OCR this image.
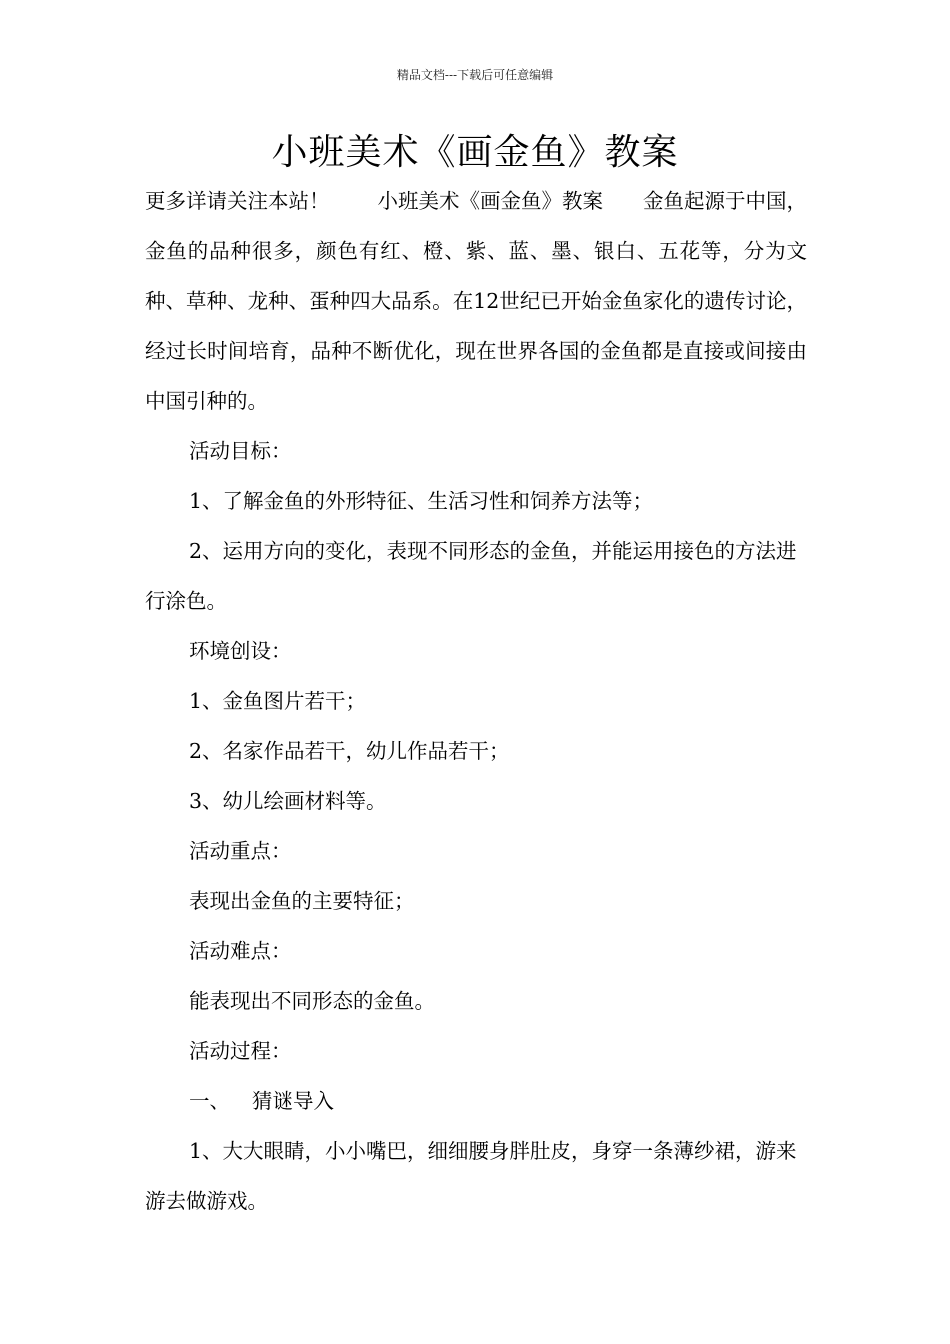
精品文档---下载后可任意编辑
小班美术《画金鱼》教案

更多详请关注本站！ 小班美术《画金鱼》教案 金鱼起源于中国，金鱼的品种很多，颜色有红、橙、紫、蓝、墨、银白、五花等，分为文种、草种、龙种、蛋种四大品系。在12世纪已开始金鱼家化的遗传讨论，经过长时间培育，品种不断优化，现在世界各国的金鱼都是直接或间接由中国引种的。

活动目标：

1、了解金鱼的外形特征、生活习性和饲养方法等；

2、运用方向的变化，表现不同形态的金鱼，并能运用接色的方法进行涂色。

环境创设：

1、金鱼图片若干；

2、名家作品若干，幼儿作品若干；

3、幼儿绘画材料等。

活动重点：

表现出金鱼的主要特征；

活动难点：

能表现出不同形态的金鱼。

活动过程：

一、 猜谜导入

1、大大眼睛，小小嘴巴，细细腰身胖肚皮，身穿一条薄纱裙，游来游去做游戏。
